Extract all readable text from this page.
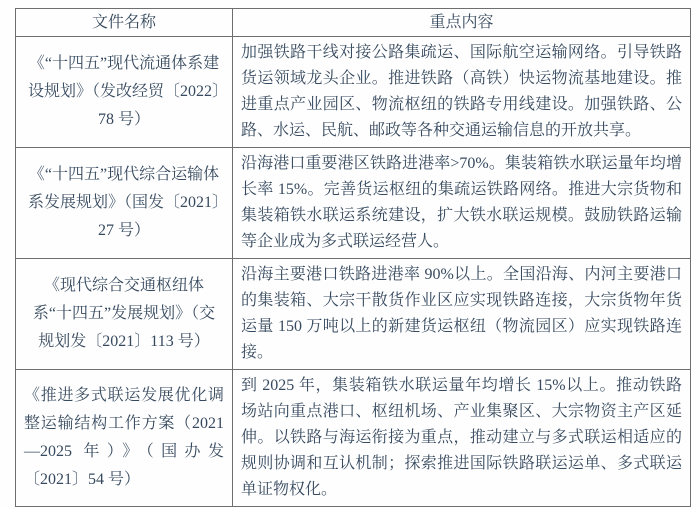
文件名称	重点内容
《“十四五”现代流通体系建设规划》（发改经贸〔2022〕78 号）	加强铁路干线对接公路集疏运、国际航空运输网络。引导铁路货运领域龙头企业。推进铁路（高铁）快运物流基地建设。推进重点产业园区、物流枢纽的铁路专用线建设。加强铁路、公路、水运、民航、邮政等各种交通运输信息的开放共享。
《“十四五”现代综合运输体系发展规划》（国发〔2021〕27 号）	沿海港口重要港区铁路进港率>70%。集装箱铁水联运量年均增长率 15%。完善货运枢纽的集疏运铁路网络。推进大宗货物和集装箱铁水联运系统建设，扩大铁水联运规模。鼓励铁路运输等企业成为多式联运经营人。
《现代综合交通枢纽体系“十四五”发展规划》（交规划发〔2021〕113 号）	沿海主要港口铁路进港率 90%以上。全国沿海、内河主要港口的集装箱、大宗干散货作业区应实现铁路连接，大宗货物年货运量 150 万吨以上的新建货运枢纽（物流园区）应实现铁路连接。
《推进多式联运发展优化调整运输结构工作方案（2021—2025 年）》（国办发〔2021〕54 号）	到 2025 年，集装箱铁水联运量年均增长 15%以上。推动铁路场站向重点港口、枢纽机场、产业集聚区、大宗物资主产区延伸。以铁路与海运衔接为重点，推动建立与多式联运相适应的规则协调和互认机制；探索推进国际铁路联运运单、多式联运单证物权化。
